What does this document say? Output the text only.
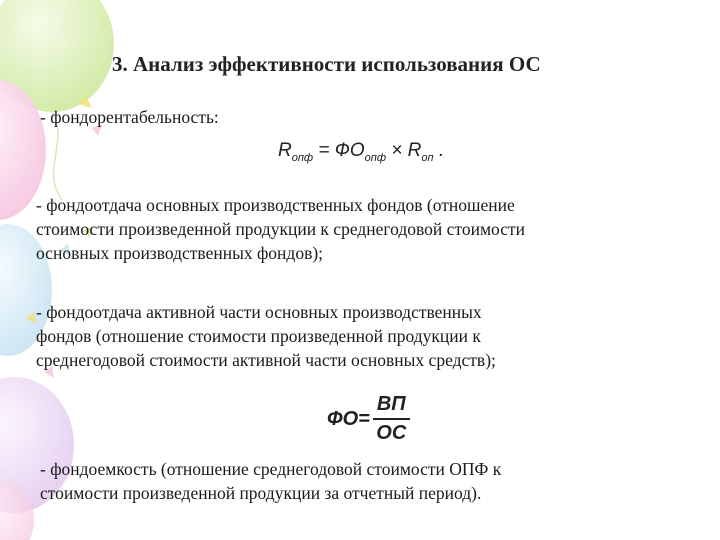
3. Анализ эффективности использования ОС
- фондорентабельность:
$R_{опф} = ФО_{опф} \times R_{оп}$ .
- фондоотдача основных производственных фондов (отношение
стоимости произведенной продукции к среднегодовой стоимости
основных производственных фондов);
- фондоотдача активной части основных производственных
фондов (отношение стоимости произведенной продукции к
среднегодовой стоимости активной части основных средств);
ФО = $\frac{ВП}{ОС}$
- фондоемкость (отношение среднегодовой стоимости ОПФ к
стоимости произведенной продукции за отчетный период).
